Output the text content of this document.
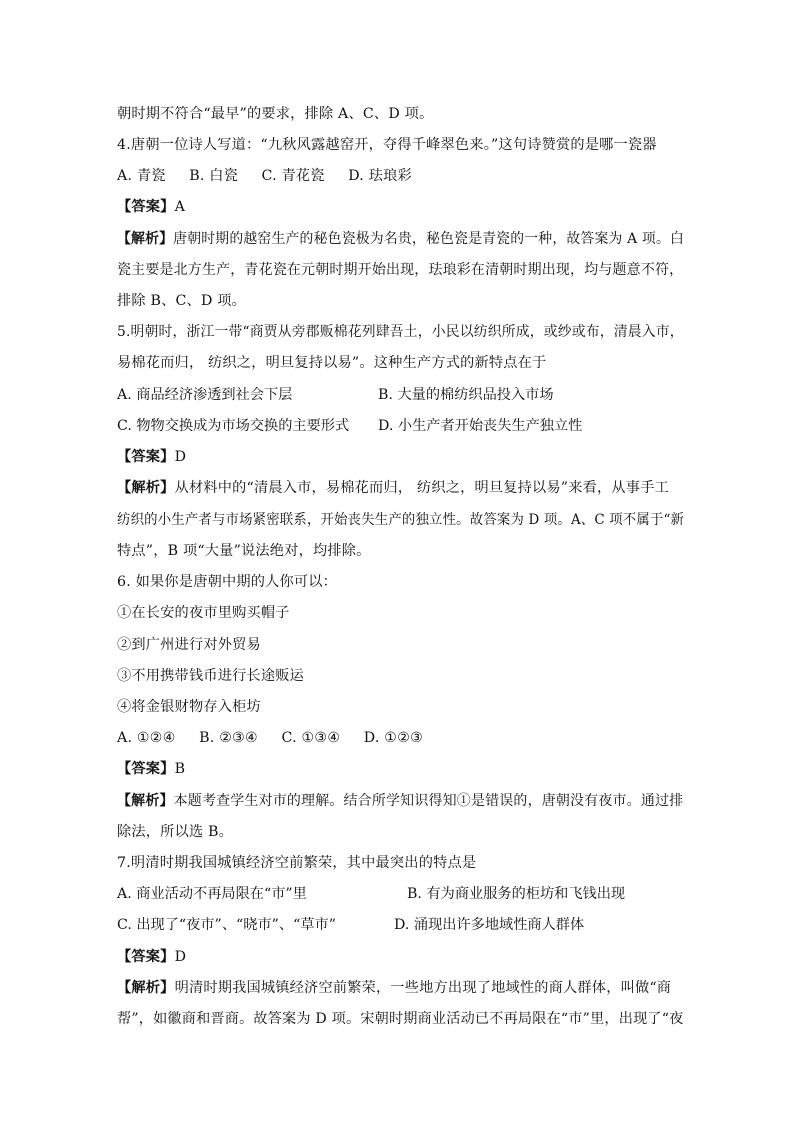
朝时期不符合“最早”的要求，排除 A、C、D 项。
4.唐朝一位诗人写道：“九秋风露越窑开，夺得千峰翠色来。”这句诗赞赏的是哪一瓷器
A. 青瓷     B. 白瓷     C. 青花瓷     D. 珐琅彩
【答案】A
【解析】唐朝时期的越窑生产的秘色瓷极为名贵，秘色瓷是青瓷的一种，故答案为 A 项。白
瓷主要是北方生产，青花瓷在元朝时期开始出现，珐琅彩在清朝时期出现，均与题意不符，
排除 B、C、D 项。
5.明朝时，浙江一带“商贾从旁郡贩棉花列肆吾土，小民以纺织所成，或纱或布，清晨入市，
易棉花而归， 纺织之，明旦复持以易”。这种生产方式的新特点在于
A. 商品经济渗透到社会下层	B. 大量的棉纺织品投入市场
C. 物物交换成为市场交换的主要形式 D. 小生产者开始丧失生产独立性
【答案】D
【解析】从材料中的“清晨入市，易棉花而归， 纺织之，明旦复持以易”来看，从事手工
纺织的小生产者与市场紧密联系，开始丧失生产的独立性。故答案为 D 项。A、C 项不属于“新
特点”，B 项“大量”说法绝对，均排除。
6. 如果你是唐朝中期的人你可以：
①在长安的夜市里购买帽子
②到广州进行对外贸易
③不用携带钱币进行长途贩运
④将金银财物存入柜坊
A. ①②④     B. ②③④     C. ①③④     D. ①②③
【答案】B
【解析】本题考查学生对市的理解。结合所学知识得知①是错误的，唐朝没有夜市。通过排
除法，所以选 B。
7.明清时期我国城镇经济空前繁荣，其中最突出的特点是
A. 商业活动不再局限在“市”里	B. 有为商业服务的柜坊和飞钱出现
C. 出现了“夜市”、“晓市”、“草市”	D. 涌现出许多地域性商人群体
【答案】D
【解析】明清时期我国城镇经济空前繁荣，一些地方出现了地域性的商人群体，叫做“商
帮”，如徽商和晋商。故答案为 D 项。宋朝时期商业活动已不再局限在“市”里，出现了“夜
